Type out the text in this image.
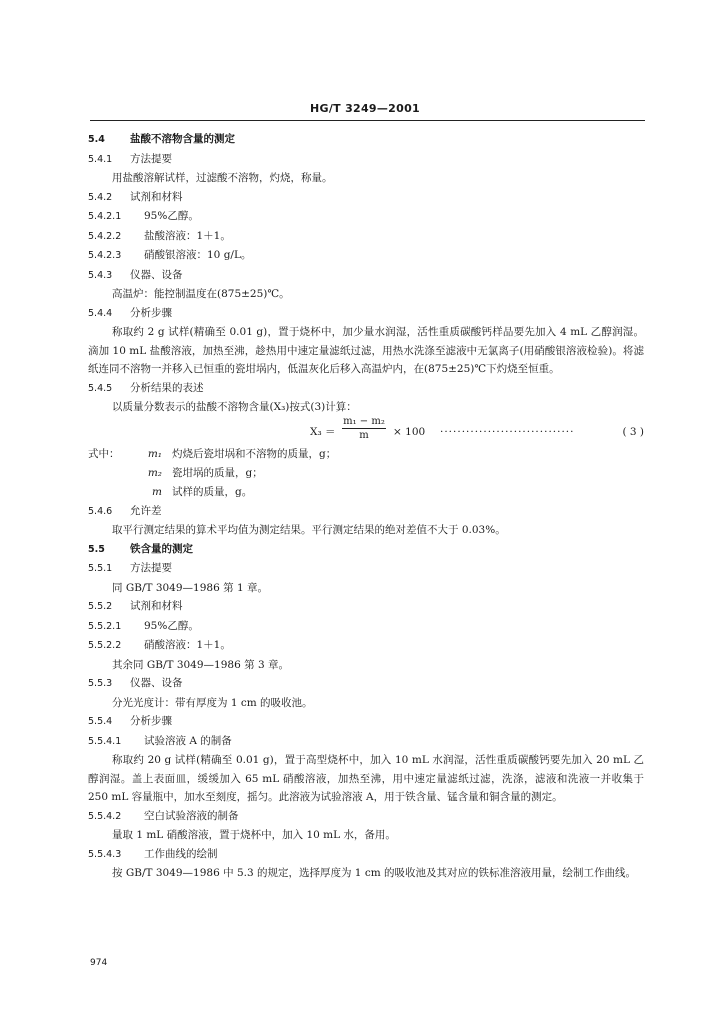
HG/T 3249—2001
5.4 盐酸不溶物含量的测定
5.4.1 方法提要
用盐酸溶解试样，过滤酸不溶物，灼烧，称量。
5.4.2 试剂和材料
5.4.2.1 95%乙醇。
5.4.2.2 盐酸溶液：1＋1。
5.4.2.3 硝酸银溶液：10 g/L。
5.4.3 仪器、设备
高温炉：能控制温度在(875±25)℃。
5.4.4 分析步骤
称取约 2 g 试样(精确至 0.01 g)，置于烧杯中，加少量水润湿，活性重质碳酸钙样品要先加入 4 mL 乙醇润湿。滴加 10 mL 盐酸溶液，加热至沸，趁热用中速定量滤纸过滤，用热水洗涤至滤液中无氯离子(用硝酸银溶液检验)。将滤纸连同不溶物一并移入已恒重的瓷坩埚内，低温灰化后移入高温炉内，在(875±25)℃下灼烧至恒重。
5.4.5 分析结果的表述
以质量分数表示的盐酸不溶物含量(X₃)按式(3)计算：
X₃ ＝
m₁ − m₂
m	× 100 ·······························	( 3 )
式中：	m₁ 灼烧后瓷坩埚和不溶物的质量，g；
m₂ 瓷坩埚的质量，g；
m 试样的质量，g。
5.4.6 允许差
取平行测定结果的算术平均值为测定结果。平行测定结果的绝对差值不大于 0.03%。
5.5 铁含量的测定
5.5.1 方法提要
同 GB/T 3049—1986 第 1 章。
5.5.2 试剂和材料
5.5.2.1 95%乙醇。
5.5.2.2 硝酸溶液：1＋1。
其余同 GB/T 3049—1986 第 3 章。
5.5.3 仪器、设备
分光光度计：带有厚度为 1 cm 的吸收池。
5.5.4 分析步骤
5.5.4.1 试验溶液 A 的制备
称取约 20 g 试样(精确至 0.01 g)，置于高型烧杯中，加入 10 mL 水润湿，活性重质碳酸钙要先加入 20 mL 乙醇润湿。盖上表面皿，缓缓加入 65 mL 硝酸溶液，加热至沸，用中速定量滤纸过滤，洗涤，滤液和洗液一并收集于 250 mL 容量瓶中，加水至刻度，摇匀。此溶液为试验溶液 A，用于铁含量、锰含量和铜含量的测定。
5.5.4.2 空白试验溶液的制备
量取 1 mL 硝酸溶液，置于烧杯中，加入 10 mL 水，备用。
5.5.4.3 工作曲线的绘制
按 GB/T 3049—1986 中 5.3 的规定，选择厚度为 1 cm 的吸收池及其对应的铁标准溶液用量，绘制工作曲线。
974
